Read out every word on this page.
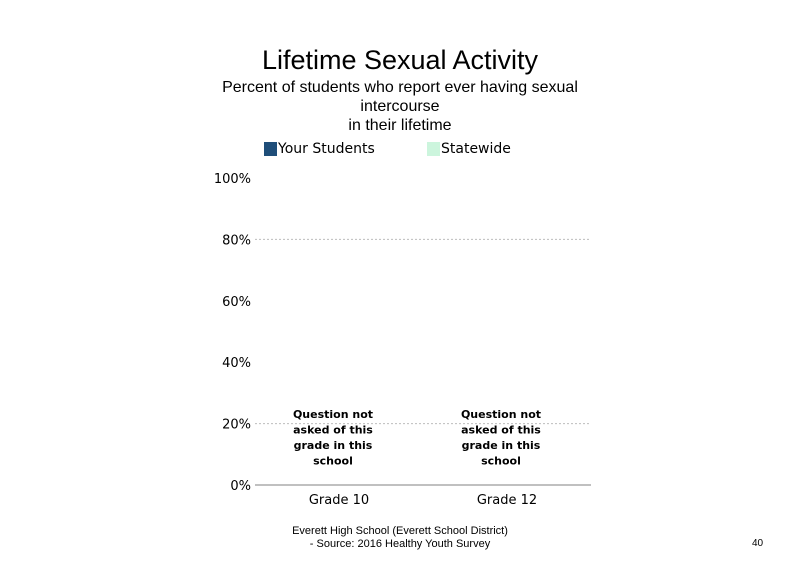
Lifetime Sexual Activity
Percent of students who report ever having sexual
intercourse
in their lifetime
Your Students	Statewide
0%
20%
40%
60%
80%
100%
Grade 10	Grade 12
Question not
asked of this
grade in this
school
Question not
asked of this
grade in this
school
Everett High School (Everett School District)
- Source: 2016 Healthy Youth Survey	40
